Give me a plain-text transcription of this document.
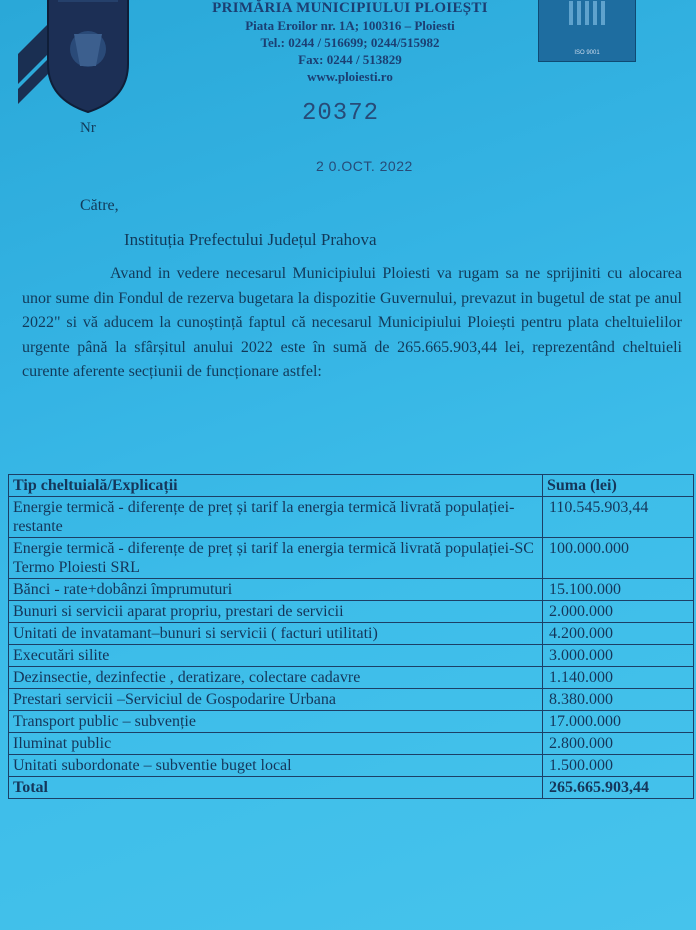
Nr
PRIMĂRIA MUNICIPIULUI PLOIEȘTI
Piata Eroilor nr. 1A; 100316 – Ploiesti
Tel.: 0244 / 516699; 0244/515982
Fax: 0244 / 513829
www.ploiesti.ro
ISO 9001
20372
2 0.OCT. 2022
Către,
Instituția Prefectului Județul Prahova
Avand in vedere necesarul Municipiului Ploiesti va rugam sa ne sprijiniti cu alocarea unor sume din Fondul de rezerva bugetara la dispozitie Guvernului, prevazut in bugetul de stat pe anul 2022" si vă aducem la cunoștință faptul că necesarul Municipiului Ploiești pentru plata cheltuielilor urgente până la sfârșitul anului 2022 este în sumă de 265.665.903,44 lei, reprezentând cheltuieli curente aferente secțiunii de funcționare astfel:
Tip cheltuială/Explicații	Suma (lei)
Energie termică - diferențe de preț și tarif la energia termică livrată populației-restante	110.545.903,44
Energie termică - diferențe de preț și tarif la energia termică livrată populației-SC Termo Ploiesti SRL	100.000.000
Bănci - rate+dobânzi împrumuturi	15.100.000
Bunuri si servicii aparat propriu, prestari de servicii	2.000.000
Unitati de invatamant–bunuri si servicii ( facturi utilitati)	4.200.000
Executări silite	3.000.000
Dezinsectie, dezinfectie , deratizare, colectare cadavre	1.140.000
Prestari servicii –Serviciul de Gospodarire Urbana	8.380.000
Transport public – subvenție	17.000.000
Iluminat public	2.800.000
Unitati subordonate – subventie buget local	1.500.000
Total	265.665.903,44
